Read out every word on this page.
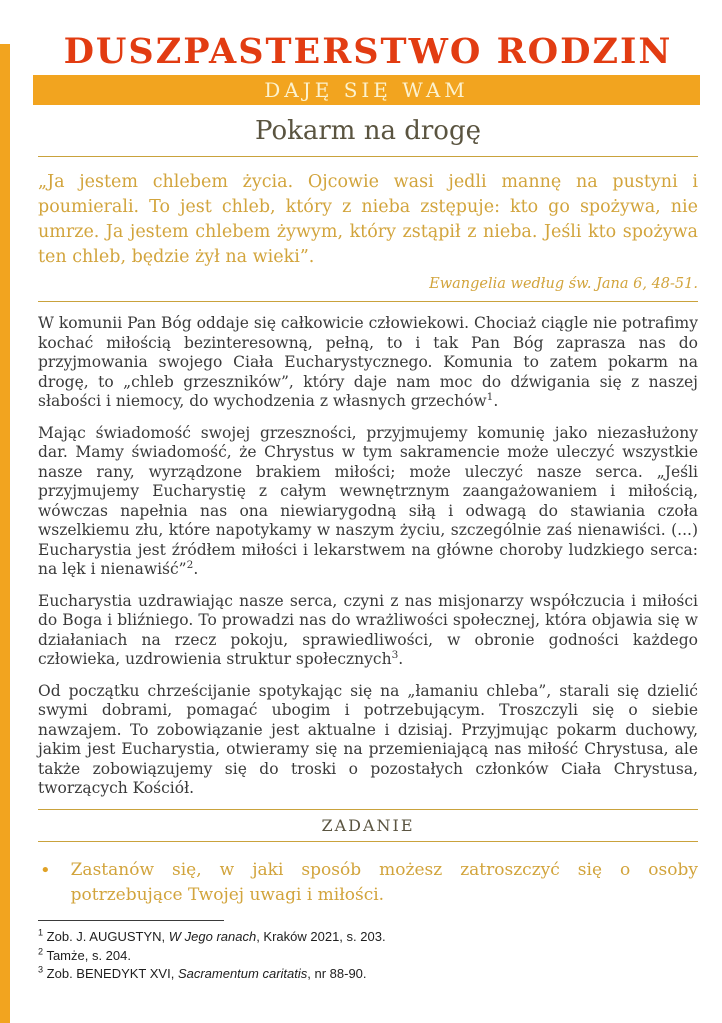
DUSZPASTERSTWO RODZIN
DAJĘ SIĘ WAM
Pokarm na drogę

„Ja jestem chlebem życia. Ojcowie wasi jedli mannę na pustyni i poumierali. To jest chleb, który z nieba zstępuje: kto go spożywa, nie umrze. Ja jestem chlebem żywym, który zstąpił z nieba. Jeśli kto spożywa ten chleb, będzie żył na wieki”.

Ewangelia według św. Jana 6, 48-51.

W komunii Pan Bóg oddaje się całkowicie człowiekowi. Chociaż ciągle nie potrafimy kochać miłością bezinteresowną, pełną, to i tak Pan Bóg zaprasza nas do przyjmowania swojego Ciała Eucharystycznego. Komunia to zatem pokarm na drogę, to „chleb grzeszników”, który daje nam moc do dźwigania się z naszej słabości i niemocy, do wychodzenia z własnych grzechów$^1$.

Mając świadomość swojej grzeszności, przyjmujemy komunię jako niezasłużony dar. Mamy świadomość, że Chrystus w tym sakramencie może uleczyć wszystkie nasze rany, wyrządzone brakiem miłości; może uleczyć nasze serca. „Jeśli przyjmujemy Eucharystię z całym wewnętrznym zaangażowaniem i miłością, wówczas napełnia nas ona niewiarygodną siłą i odwagą do stawiania czoła wszelkiemu złu, które napotykamy w naszym życiu, szczególnie zaś nienawiści. (...) Eucharystia jest źródłem miłości i lekarstwem na główne choroby ludzkiego serca: na lęk i nienawiść”$^2$.

Eucharystia uzdrawiając nasze serca, czyni z nas misjonarzy współczucia i miłości do Boga i bliźniego. To prowadzi nas do wrażliwości społecznej, która objawia się w działaniach na rzecz pokoju, sprawiedliwości, w obronie godności każdego człowieka, uzdrowienia struktur społecznych$^3$.

Od początku chrześcijanie spotykając się na „łamaniu chleba”, starali się dzielić swymi dobrami, pomagać ubogim i potrzebującym. Troszczyli się o siebie nawzajem. To zobowiązanie jest aktualne i dzisiaj. Przyjmując pokarm duchowy, jakim jest Eucharystia, otwieramy się na przemieniającą nas miłość Chrystusa, ale także zobowiązujemy się do troski o pozostałych członków Ciała Chrystusa, tworzących Kościół.

ZADANIE
•	Zastanów się, w jaki sposób możesz zatroszczyć się o osoby potrzebujące Twojej uwagi i miłości.

$^1$ Zob. J. AUGUSTYN, W Jego ranach, Kraków 2021, s. 203.

$^2$ Tamże, s. 204.

$^3$ Zob. BENEDYKT XVI, Sacramentum caritatis, nr 88-90.
